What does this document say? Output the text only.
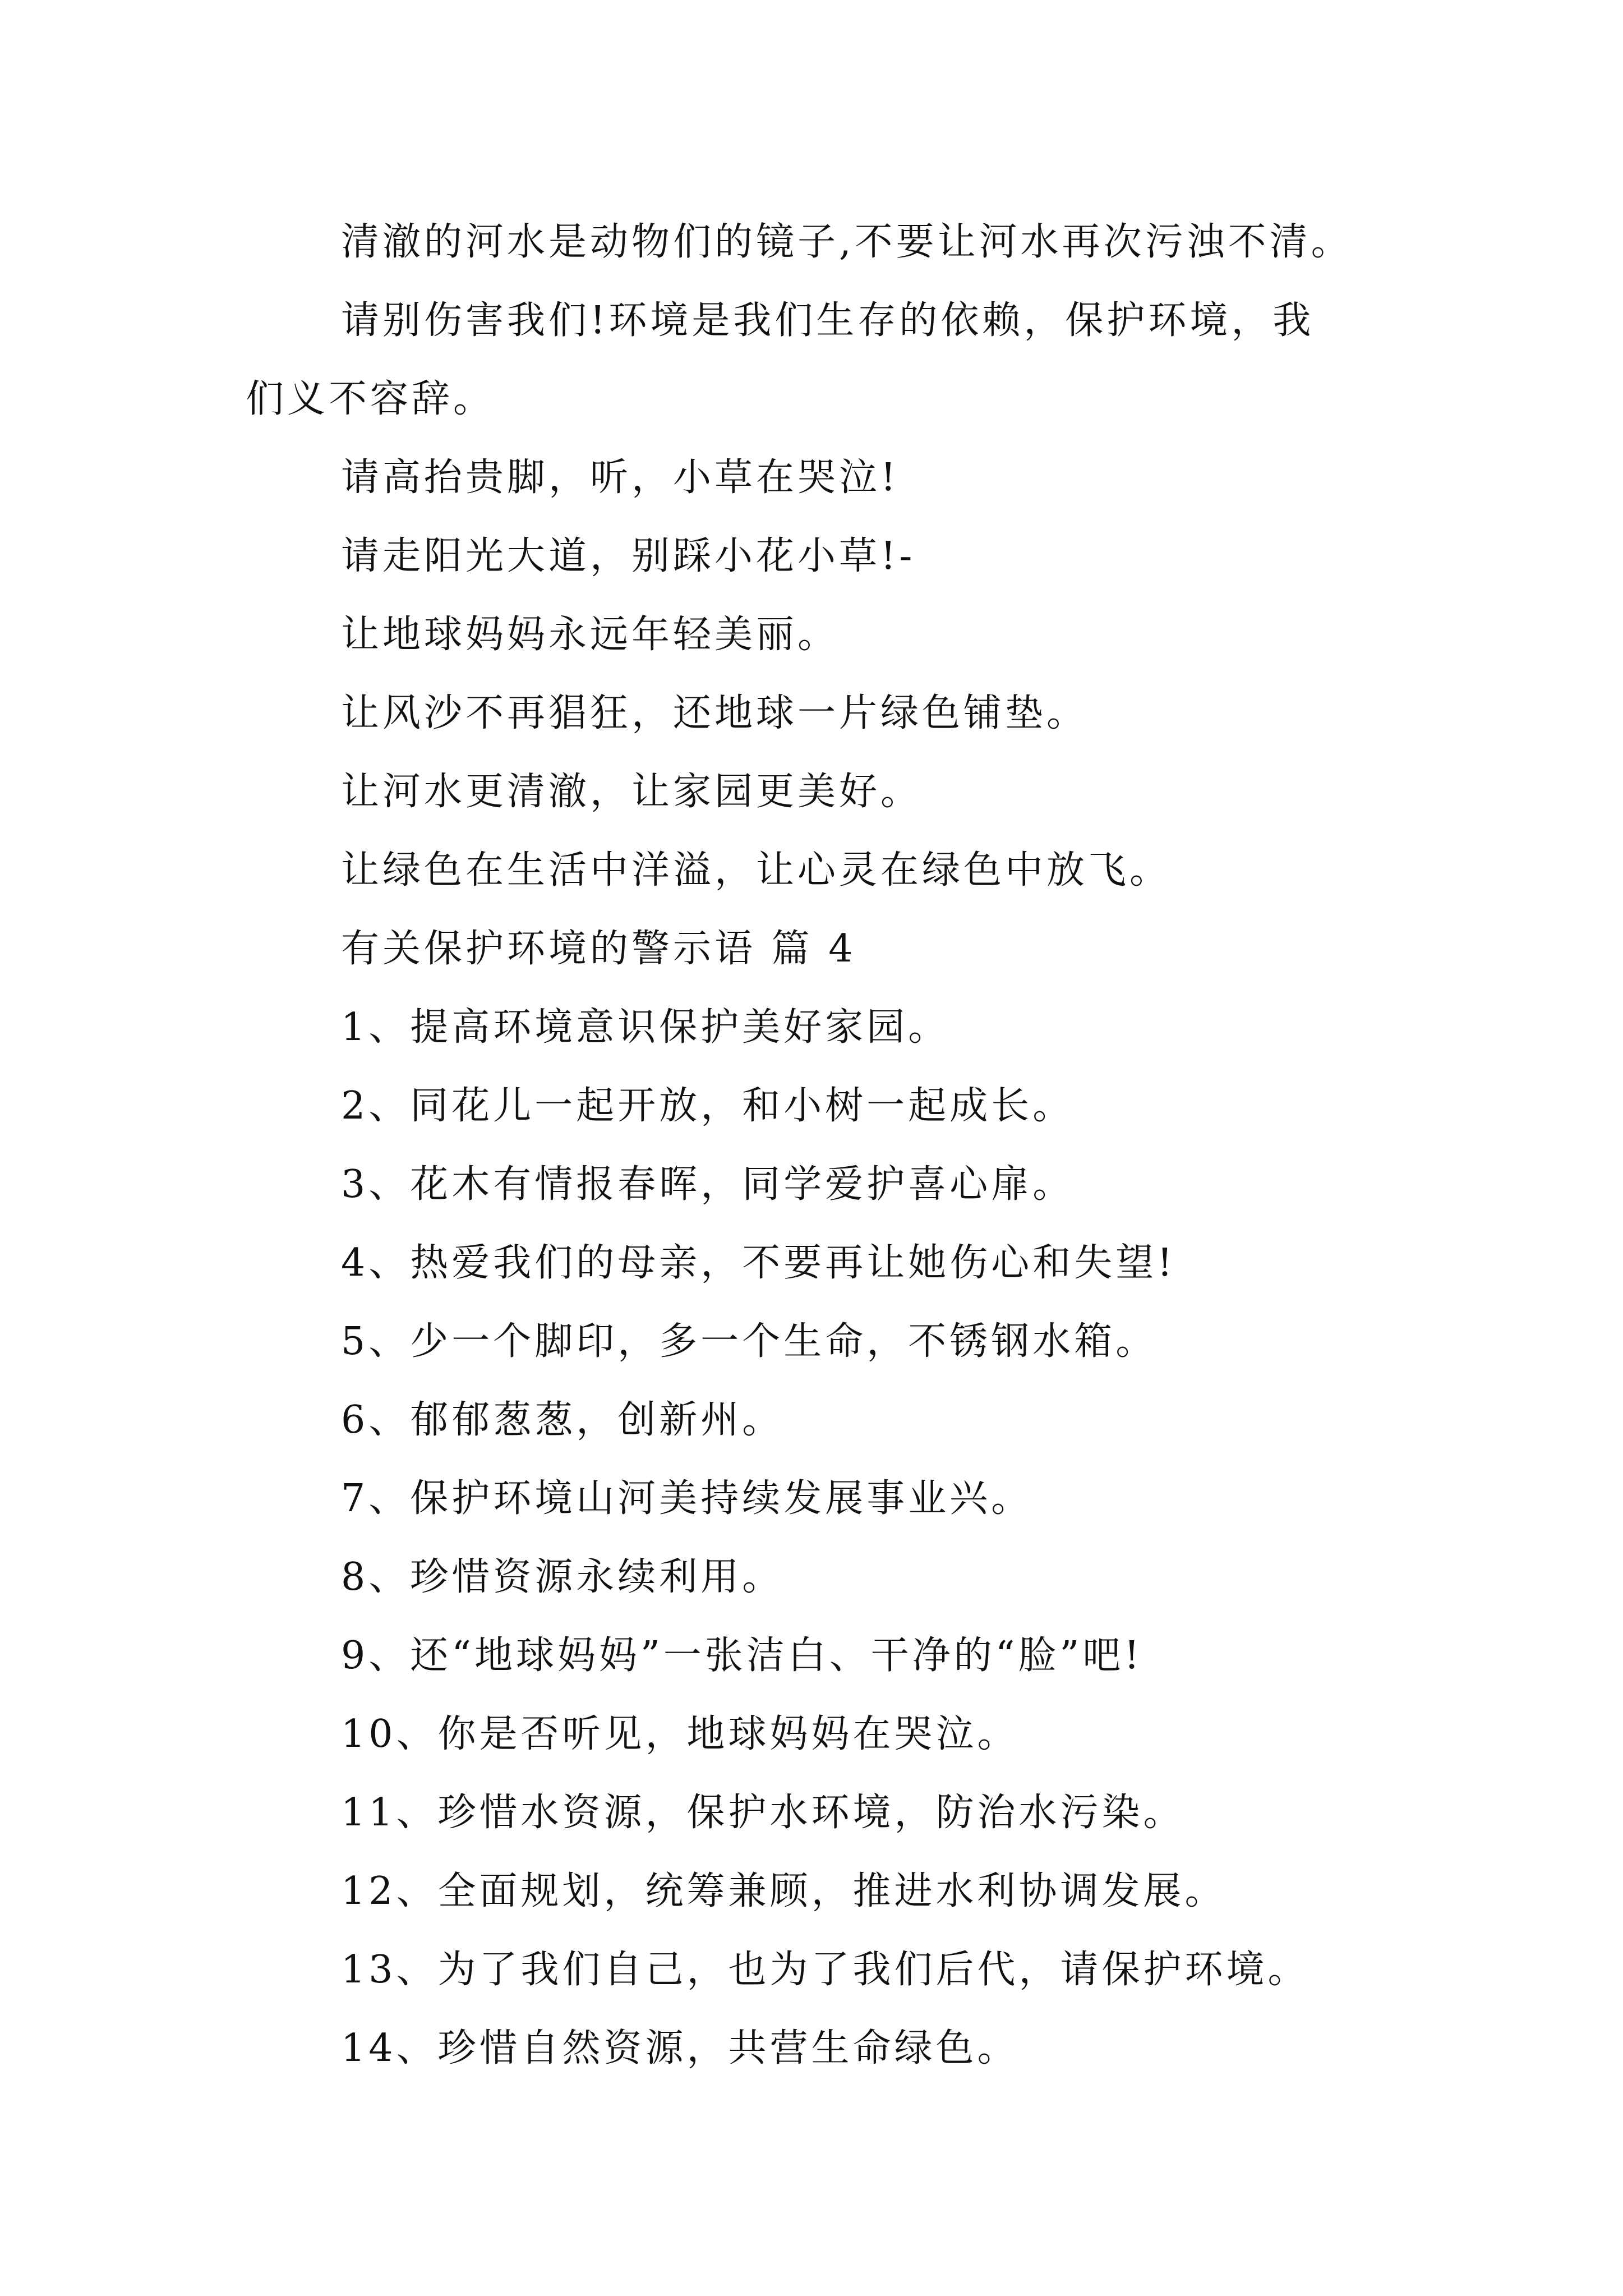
清澈的河水是动物们的镜子,不要让河水再次污浊不清。
请别伤害我们!环境是我们生存的依赖，保护环境，我
们义不容辞。
请高抬贵脚，听，小草在哭泣!
请走阳光大道，别踩小花小草!-
让地球妈妈永远年轻美丽。
让风沙不再猖狂，还地球一片绿色铺垫。
让河水更清澈，让家园更美好。
让绿色在生活中洋溢，让心灵在绿色中放飞。
有关保护环境的警示语 篇 4
1、提高环境意识保护美好家园。
2、同花儿一起开放，和小树一起成长。
3、花木有情报春晖，同学爱护喜心扉。
4、热爱我们的母亲，不要再让她伤心和失望!
5、少一个脚印，多一个生命，不锈钢水箱。
6、郁郁葱葱，创新州。
7、保护环境山河美持续发展事业兴。
8、珍惜资源永续利用。
9、还“地球妈妈”一张洁白、干净的“脸”吧!
10、你是否听见，地球妈妈在哭泣。
11、珍惜水资源，保护水环境，防治水污染。
12、全面规划，统筹兼顾，推进水利协调发展。
13、为了我们自己，也为了我们后代，请保护环境。
14、珍惜自然资源，共营生命绿色。
